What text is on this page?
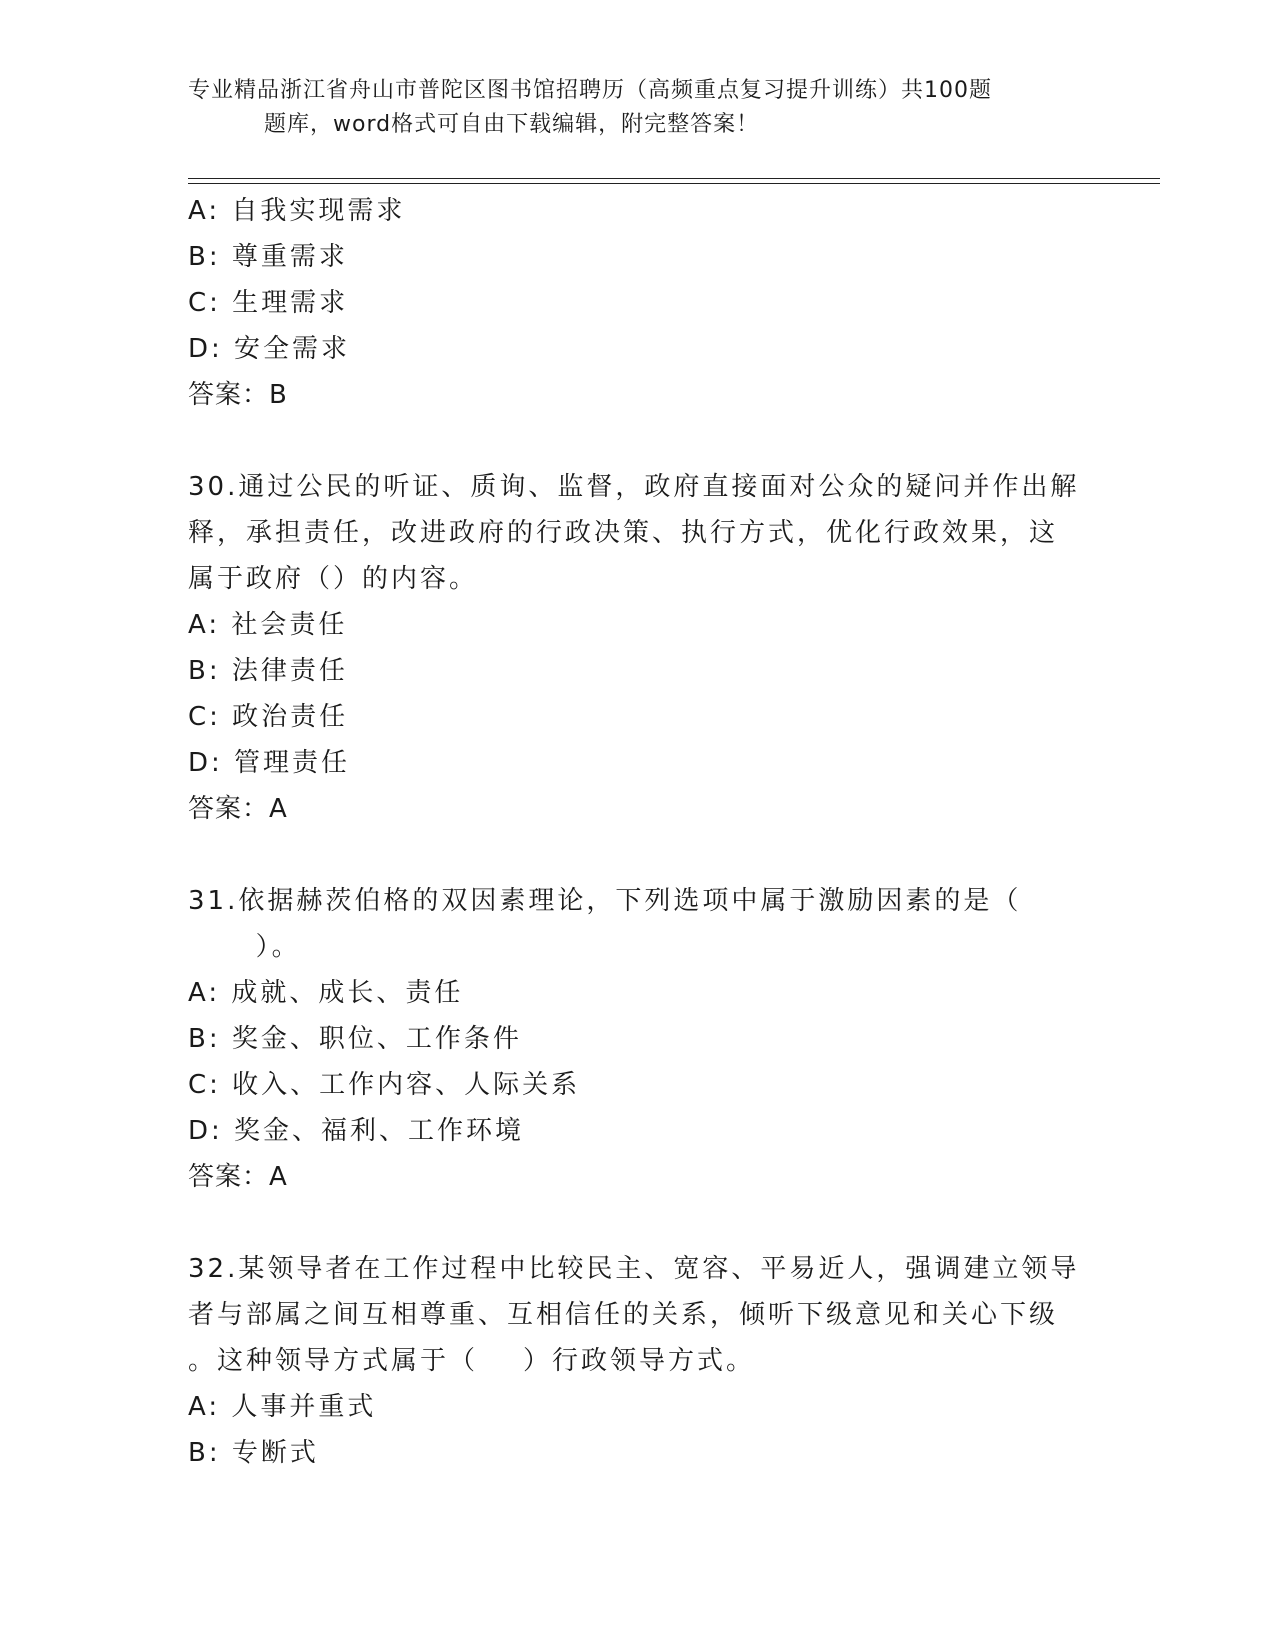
专业精品浙江省舟山市普陀区图书馆招聘历（高频重点复习提升训练）共100题
题库，word格式可自由下载编辑，附完整答案！
A: 自我实现需求
B: 尊重需求
C: 生理需求
D: 安全需求
答案：B
30.通过公民的听证、质询、监督，政府直接面对公众的疑问并作出解
释，承担责任，改进政府的行政决策、执行方式，优化行政效果，这
属于政府（）的内容。
A: 社会责任
B: 法律责任
C: 政治责任
D: 管理责任
答案：A
31.依据赫茨伯格的双因素理论，下列选项中属于激励因素的是（
）。
A: 成就、成长、责任
B: 奖金、职位、工作条件
C: 收入、工作内容、人际关系
D: 奖金、福利、工作环境
答案：A
32.某领导者在工作过程中比较民主、宽容、平易近人，强调建立领导
者与部属之间互相尊重、互相信任的关系，倾听下级意见和关心下级
。这种领导方式属于（    ）行政领导方式。
A: 人事并重式
B: 专断式
